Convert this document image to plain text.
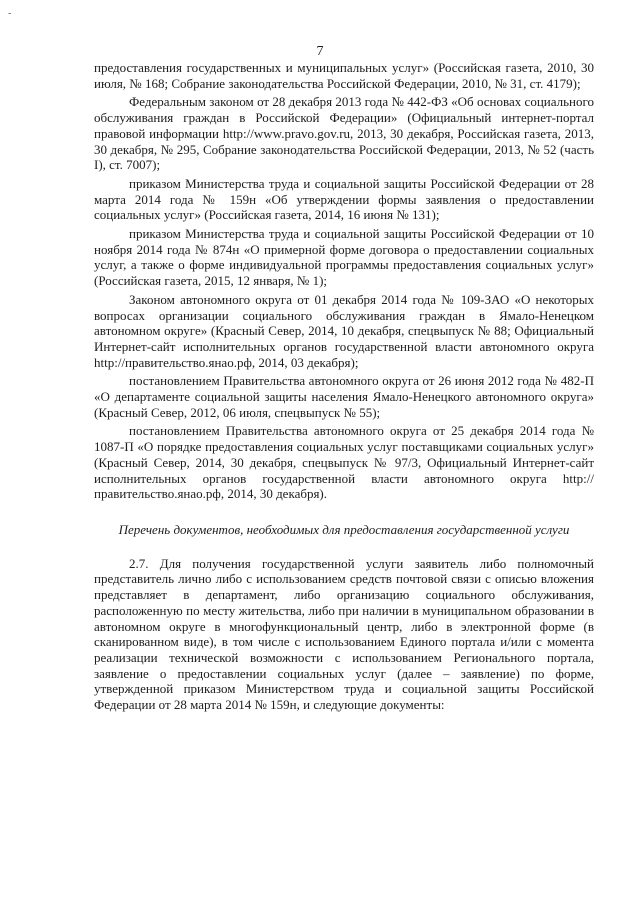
-
7

предоставления государственных и муниципальных услуг» (Российская газета, 2010, 30 июля, № 168; Собрание законодательства Российской Федерации, 2010, № 31, ст. 4179);

Федеральным законом от 28 декабря 2013 года № 442-ФЗ «Об основах социального обслуживания граждан в Российской Федерации» (Официальный интернет-портал правовой информации http://www.pravo.gov.ru, 2013, 30 декабря, Российская газета, 2013, 30 декабря, № 295, Собрание законодательства Российской Федерации, 2013, № 52 (часть I), ст. 7007);

приказом Министерства труда и социальной защиты Российской Федерации от 28 марта 2014 года № 159н «Об утверждении формы заявления о предоставлении социальных услуг» (Российская газета, 2014, 16 июня № 131);

приказом Министерства труда и социальной защиты Российской Федерации от 10 ноября 2014 года № 874н «О примерной форме договора о предоставлении социальных услуг, а также о форме индивидуальной программы предоставления социальных услуг» (Российская газета, 2015, 12 января, № 1);

Законом автономного округа от 01 декабря 2014 года № 109-ЗАО «О некоторых вопросах организации социального обслуживания граждан в Ямало-Ненецком автономном округе» (Красный Север, 2014, 10 декабря, спецвыпуск № 88; Официальный Интернет-сайт исполнительных органов государственной власти автономного округа http://правительство.янао.рф, 2014, 03 декабря);

постановлением Правительства автономного округа от 26 июня 2012 года № 482-П «О департаменте социальной защиты населения Ямало-Ненецкого автономного округа» (Красный Север, 2012, 06 июля, спецвыпуск № 55);

постановлением Правительства автономного округа от 25 декабря 2014 года № 1087-П «О порядке предоставления социальных услуг поставщиками социальных услуг» (Красный Север, 2014, 30 декабря, спецвыпуск № 97/3, Официальный Интернет-сайт исполнительных органов государственной власти автономного округа http://правительство.янао.рф, 2014, 30 декабря).

Перечень документов, необходимых для предоставления государственной услуги

2.7. Для получения государственной услуги заявитель либо полномочный представитель лично либо с использованием средств почтовой связи с описью вложения представляет в департамент, либо организацию социального обслуживания, расположенную по месту жительства, либо при наличии в муниципальном образовании в автономном округе в многофункциональный центр, либо в электронной форме (в сканированном виде), в том числе с использованием Единого портала и/или с момента реализации технической возможности с использованием Регионального портала, заявление о предоставлении социальных услуг (далее – заявление) по форме, утвержденной приказом Министерством труда и социальной защиты Российской Федерации от 28 марта 2014 № 159н, и следующие документы:
